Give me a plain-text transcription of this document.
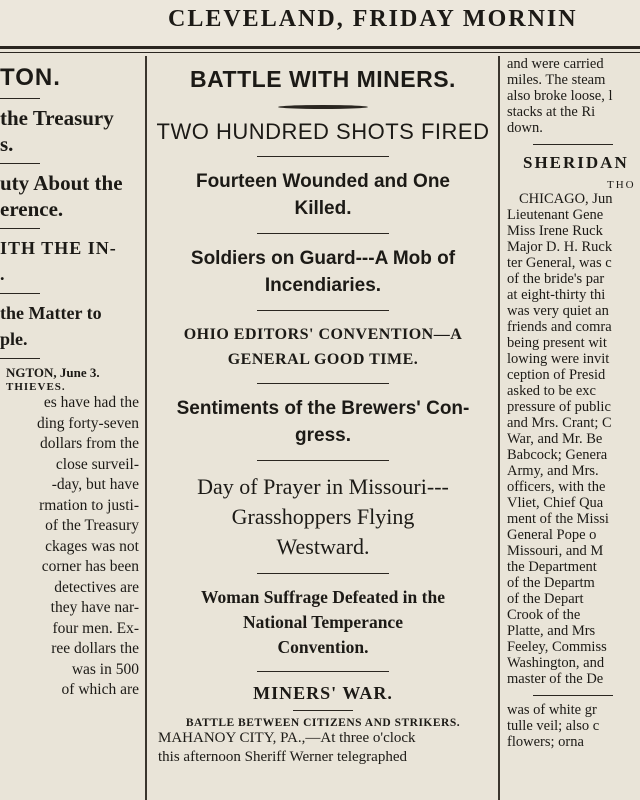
CLEVELAND, FRIDAY MORNIN
TON.
the Treasury
s.
uty About the
erence.
ITH THE IN-
.
the Matter to
ple.
NGTON, June 3.
THIEVES.
es have had the
ding forty-seven
dollars from the
close surveil-
-day, but have
rmation to justi-
of the Treasury
ckages was not
corner has been
detectives are
they have nar-
four men. Ex-
ree dollars the
was in 500
of which are
BATTLE WITH MINERS.
TWO HUNDRED SHOTS FIRED
Fourteen Wounded and One
Killed.
Soldiers on Guard---A Mob of
Incendiaries.
OHIO EDITORS' CONVENTION—A
GENERAL GOOD TIME.
Sentiments of the Brewers' Con-
gress.
Day of Prayer in Missouri---
Grasshoppers Flying
Westward.
Woman Suffrage Defeated in the
National Temperance
Convention.
MINERS' WAR.
BATTLE BETWEEN CITIZENS AND STRIKERS.
MAHANOY CITY, PA.,—At three o'clock
this afternoon Sheriff Werner telegraphed
and were carried
miles. The steam
also broke loose, l
stacks at the Ri
down.
SHERIDAN
THO
CHICAGO, Jun
Lieutenant Gene
Miss Irene Ruck
Major D. H. Ruck
ter General, was c
of the bride's par
at eight-thirty thi
was very quiet an
friends and comra
being present wit
lowing were invit
ception of Presid
asked to be exc
pressure of public
and Mrs. Crant; C
War, and Mr. Be
Babcock; Genera
Army, and Mrs.
officers, with the
Vliet, Chief Qua
ment of the Missi
General Pope o
Missouri, and M
the Department
of the Departm
of the Depart
Crook of the
Platte, and Mrs
Feeley, Commiss
Washington, and
master of the De
was of white gr
tulle veil; also c
flowers; orna
